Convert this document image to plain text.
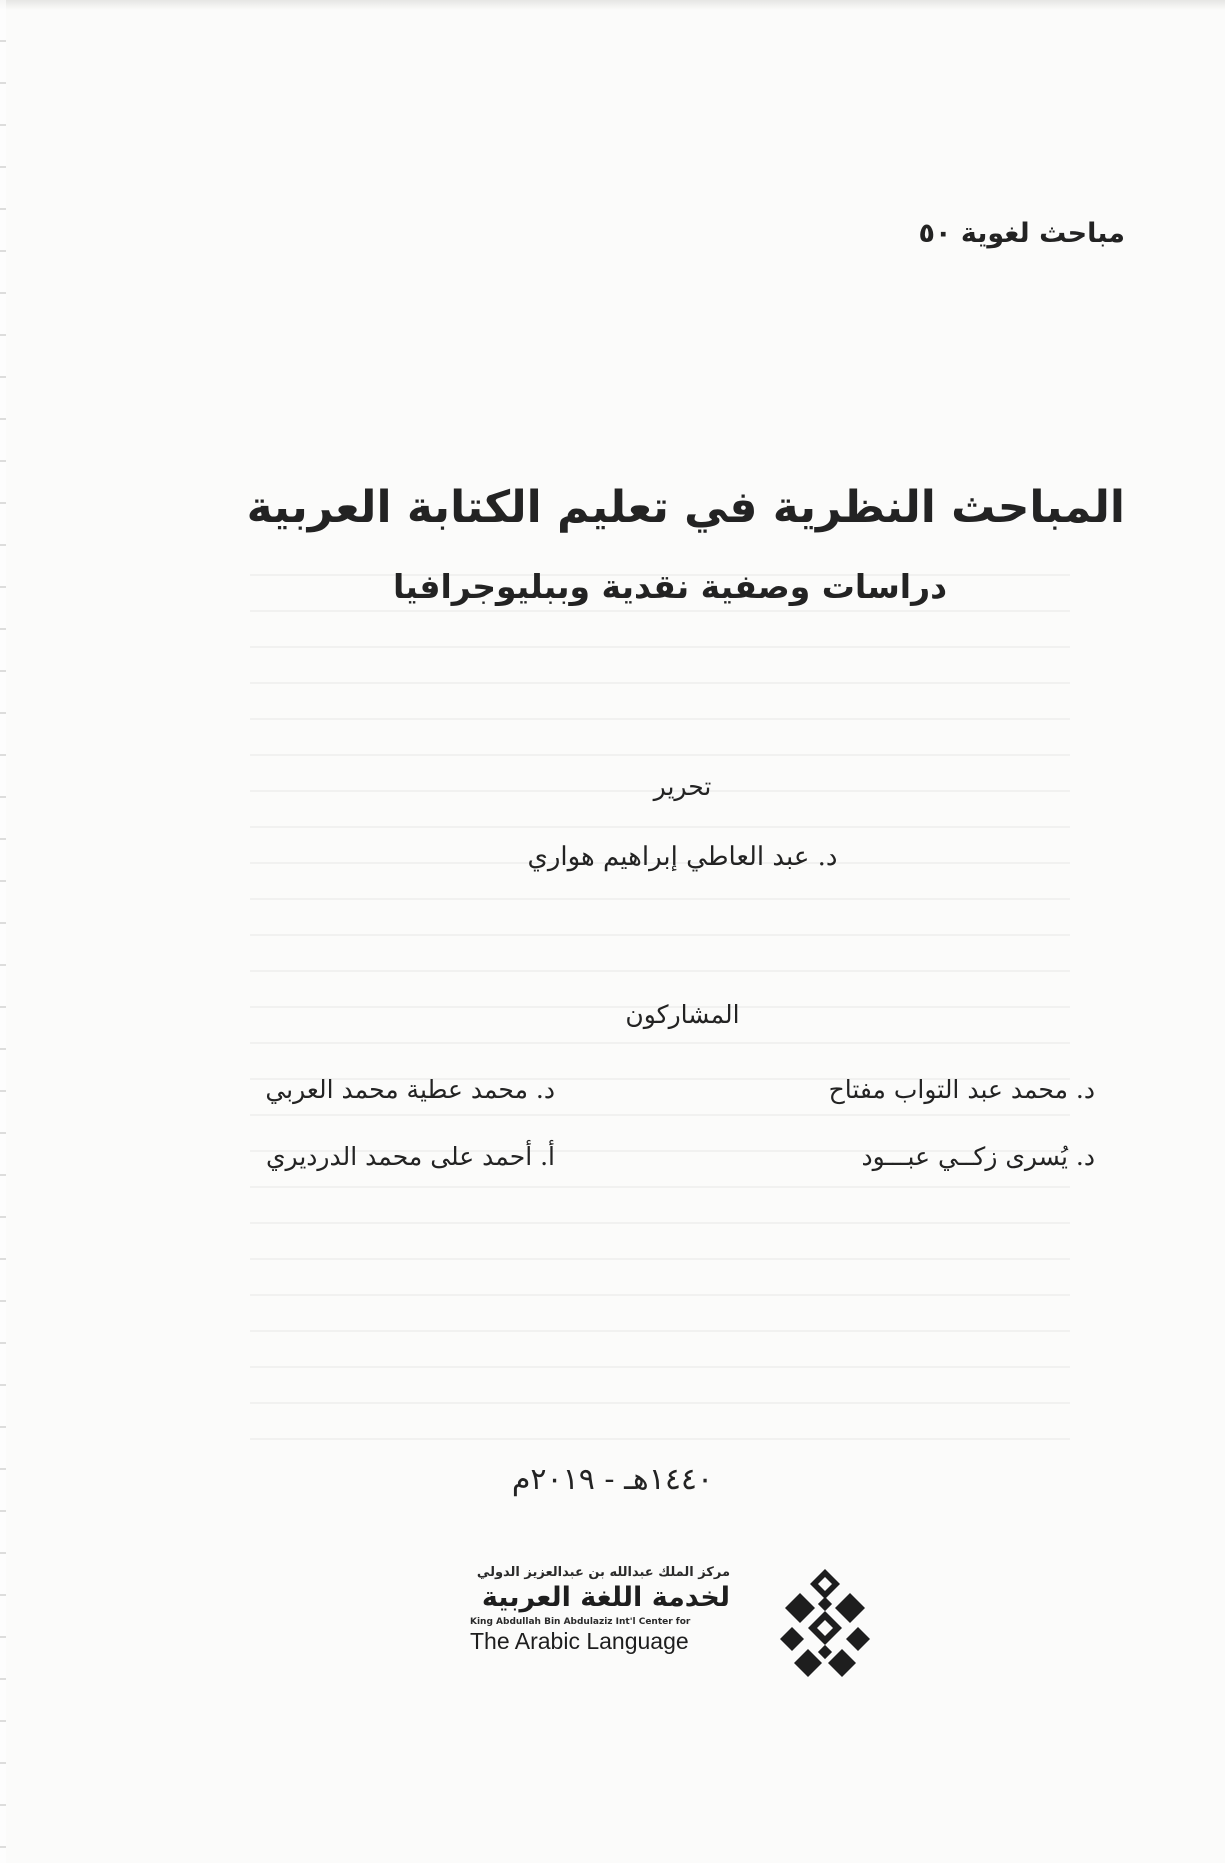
مباحث لغوية ٥٠
المباحث النظرية في تعليم الكتابة العربية
دراسات وصفية نقدية وببليوجرافيا
تحرير
د. عبد العاطي إبراهيم هواري
المشاركون
د. محمد عبد التواب مفتاح
د. محمد عطية محمد العربي
د. يُسرى زكــي عبـــود
أ. أحمد على محمد الدرديري
١٤٤٠هـ - ٢٠١٩م
مركز الملك عبدالله بن عبدالعزيز الدولي
لخدمة اللغة العربية
King Abdullah Bin Abdulaziz Int'l Center for
The Arabic Language
